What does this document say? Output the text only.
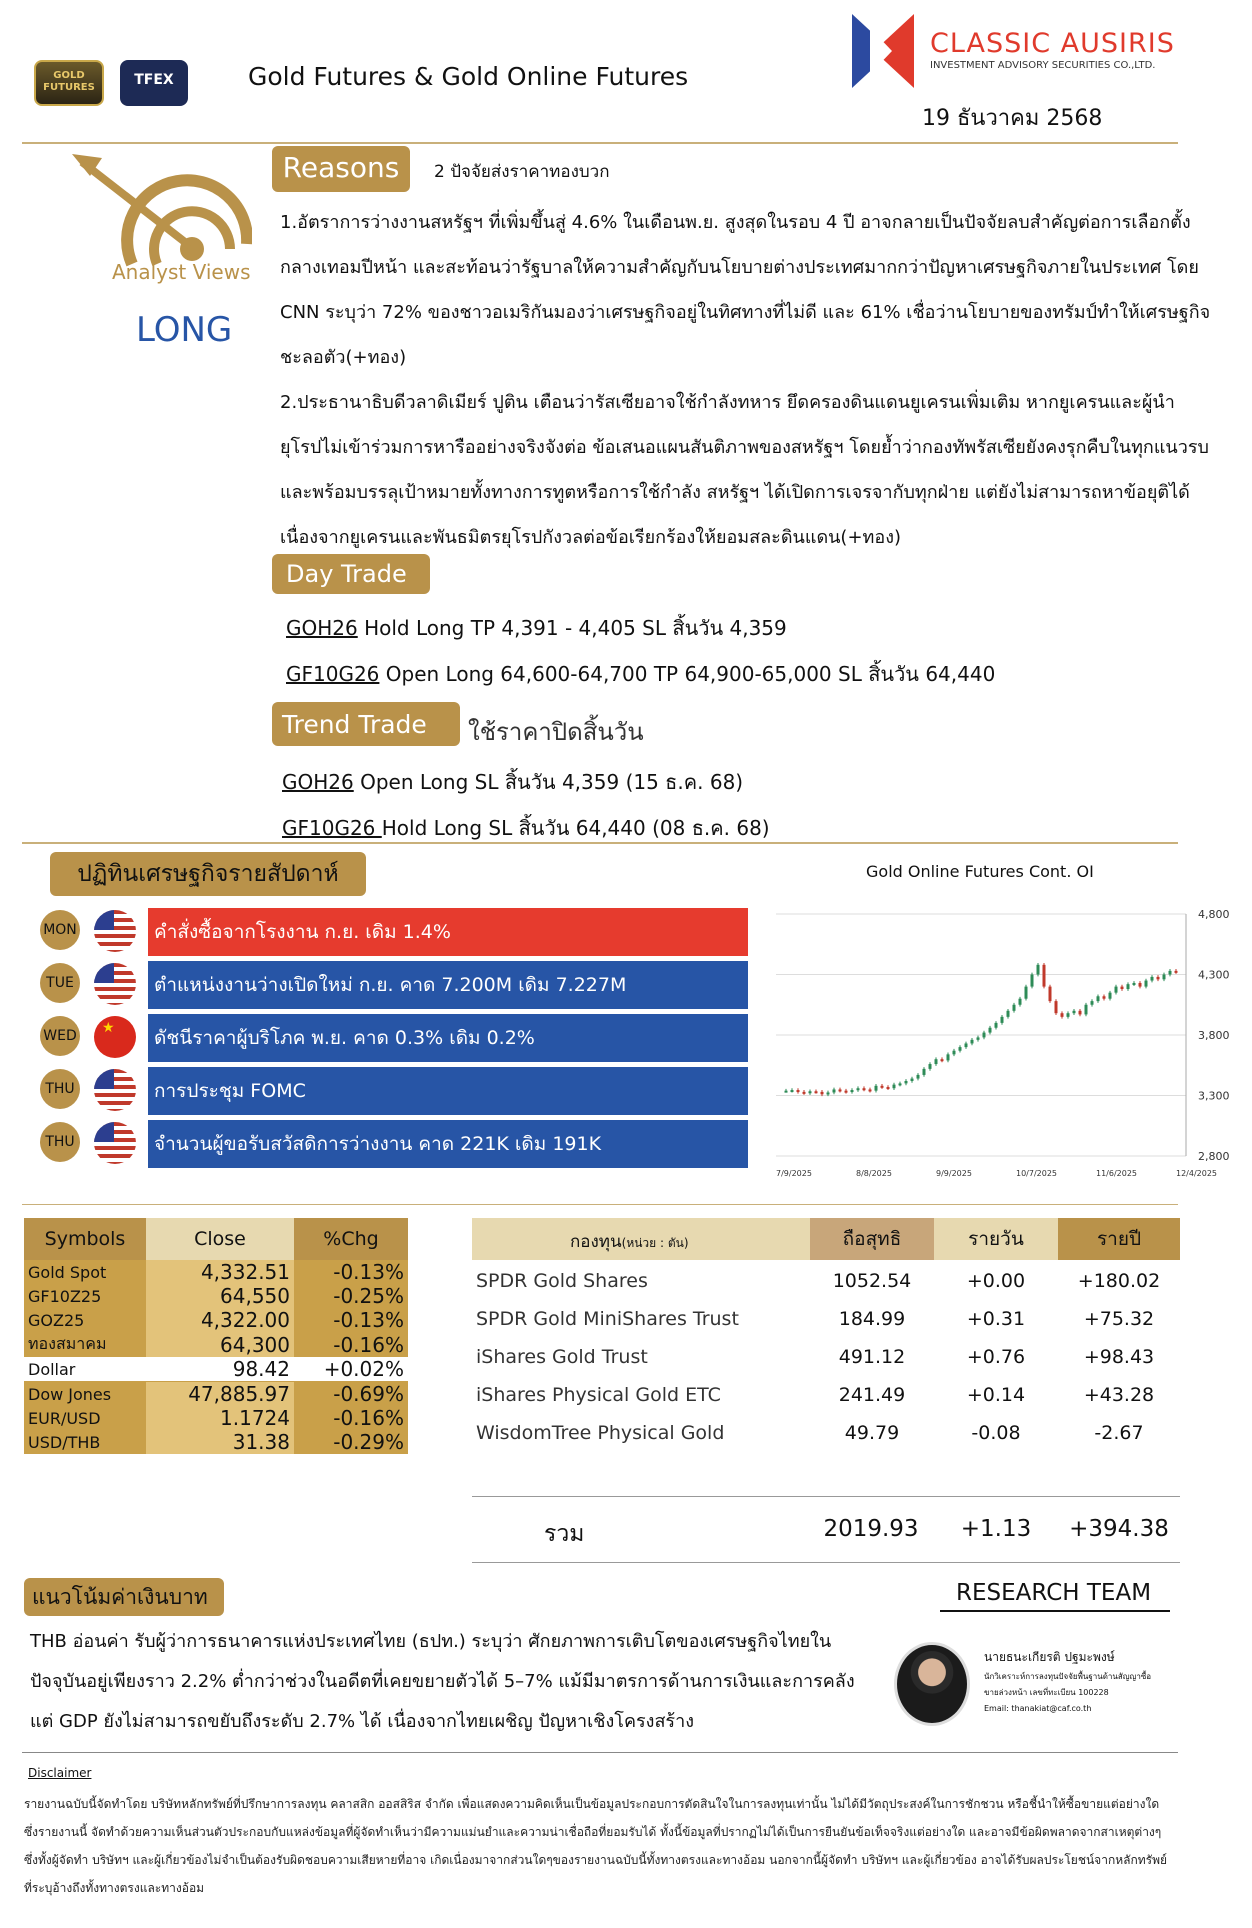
GOLD FUTURES	TFEX	Gold Futures & Gold Online Futures
CLASSIC AUSIRIS
INVESTMENT ADVISORY SECURITIES CO.,LTD.
19 ธันวาคม 2568
Analyst Views
LONG
Reasons	2 ปัจจัยส่งราคาทองบวก
1.อัตราการว่างงานสหรัฐฯ ที่เพิ่มขึ้นสู่ 4.6% ในเดือนพ.ย. สูงสุดในรอบ 4 ปี อาจกลายเป็นปัจจัยลบสำคัญต่อการเลือกตั้งกลางเทอมปีหน้า และสะท้อนว่ารัฐบาลให้ความสำคัญกับนโยบายต่างประเทศมากกว่าปัญหาเศรษฐกิจภายในประเทศ โดย CNN ระบุว่า 72% ของชาวอเมริกันมองว่าเศรษฐกิจอยู่ในทิศทางที่ไม่ดี และ 61% เชื่อว่านโยบายของทรัมป์ทำให้เศรษฐกิจชะลอตัว(+ทอง)
2.ประธานาธิบดีวลาดิเมียร์ ปูติน เตือนว่ารัสเซียอาจใช้กำลังทหาร ยึดครองดินแดนยูเครนเพิ่มเติม หากยูเครนและผู้นำยุโรปไม่เข้าร่วมการหารืออย่างจริงจังต่อ ข้อเสนอแผนสันติภาพของสหรัฐฯ โดยย้ำว่ากองทัพรัสเซียยังคงรุกคืบในทุกแนวรบ และพร้อมบรรลุเป้าหมายทั้งทางการทูตหรือการใช้กำลัง สหรัฐฯ ได้เปิดการเจรจากับทุกฝ่าย แต่ยังไม่สามารถหาข้อยุติได้ เนื่องจากยูเครนและพันธมิตรยุโรปกังวลต่อข้อเรียกร้องให้ยอมสละดินแดน(+ทอง)
Day Trade
GOH26 Hold Long TP 4,391 - 4,405 SL สิ้นวัน 4,359
GF10G26 Open Long 64,600-64,700 TP 64,900-65,000 SL สิ้นวัน 64,440
Trend Trade	ใช้ราคาปิดสิ้นวัน
GOH26 Open Long SL สิ้นวัน 4,359 (15 ธ.ค. 68)
GF10G26 Hold Long SL สิ้นวัน 64,440 (08 ธ.ค. 68)
ปฏิทินเศรษฐกิจรายสัปดาห์
MON	คำสั่งซื้อจากโรงงาน ก.ย. เดิม 1.4%
TUE	ตำแหน่งงานว่างเปิดใหม่ ก.ย. คาด 7.200M เดิม 7.227M
WED ★	ดัชนีราคาผู้บริโภค พ.ย. คาด 0.3% เดิม 0.2%
THU	การประชุม FOMC
THU	จำนวนผู้ขอรับสวัสดิการว่างงาน คาด 221K เดิม 191K
Gold Online Futures Cont. OI
4,800
4,300
3,800
3,300
2,800
7/9/2025	8/8/2025	9/9/2025	10/7/2025	11/6/2025	12/4/2025
Symbols	Close	%Chg
Gold Spot	4,332.51	-0.13%
GF10Z25	64,550	-0.25%
GOZ25	4,322.00	-0.13%
ทองสมาคม	64,300	-0.16%
Dollar	98.42	+0.02%
Dow Jones	47,885.97	-0.69%
EUR/USD	1.1724	-0.16%
USD/THB	31.38	-0.29%
กองทุน(หน่วย : ตัน)	ถือสุทธิ	รายวัน	รายปี
SPDR Gold Shares	1052.54	+0.00	+180.02
SPDR Gold MiniShares Trust	184.99	+0.31	+75.32
iShares Gold Trust	491.12	+0.76	+98.43
iShares Physical Gold ETC	241.49	+0.14	+43.28
WisdomTree Physical Gold	49.79	-0.08	-2.67
รวม	2019.93	+1.13	+394.38
แนวโน้มค่าเงินบาท
THB อ่อนค่า รับผู้ว่าการธนาคารแห่งประเทศไทย (ธปท.) ระบุว่า ศักยภาพการเติบโตของเศรษฐกิจไทยในปัจจุบันอยู่เพียงราว 2.2% ต่ำกว่าช่วงในอดีตที่เคยขยายตัวได้ 5–7% แม้มีมาตรการด้านการเงินและการคลัง แต่ GDP ยังไม่สามารถขยับถึงระดับ 2.7% ได้ เนื่องจากไทยเผชิญ ปัญหาเชิงโครงสร้าง
RESEARCH TEAM
นายธนะเกียรติ ปฐมะพงษ์
นักวิเคราะห์การลงทุนปัจจัยพื้นฐานด้านสัญญาซื้อ
ขายล่วงหน้า เลขที่ทะเบียน 100228
Email: thanakiat@caf.co.th
Disclaimer
รายงานฉบับนี้จัดทำโดย บริษัทหลักทรัพย์ที่ปรึกษาการลงทุน คลาสสิก ออสสิริส จำกัด เพื่อแสดงความคิดเห็นเป็นข้อมูลประกอบการตัดสินใจในการลงทุนเท่านั้น ไม่ได้มีวัตถุประสงค์ในการชักชวน หรือชี้นำให้ซื้อขายแต่อย่างใด ซึ่งรายงานนี้ จัดทำด้วยความเห็นส่วนตัวประกอบกับแหล่งข้อมูลที่ผู้จัดทำเห็นว่ามีความแม่นยำและความน่าเชื่อถือที่ยอมรับได้ ทั้งนี้ข้อมูลที่ปรากฏไม่ได้เป็นการยืนยันข้อเท็จจริงแต่อย่างใด และอาจมีข้อผิดพลาดจากสาเหตุต่างๆ ซึ่งทั้งผู้จัดทำ บริษัทฯ และผู้เกี่ยวข้องไม่จำเป็นต้องรับผิดชอบความเสียหายที่อาจ เกิดเนื่องมาจากส่วนใดๆของรายงานฉบับนี้ทั้งทางตรงและทางอ้อม นอกจากนี้ผู้จัดทำ บริษัทฯ และผู้เกี่ยวข้อง อาจได้รับผลประโยชน์จากหลักทรัพย์ที่ระบุอ้างถึงทั้งทางตรงและทางอ้อม
